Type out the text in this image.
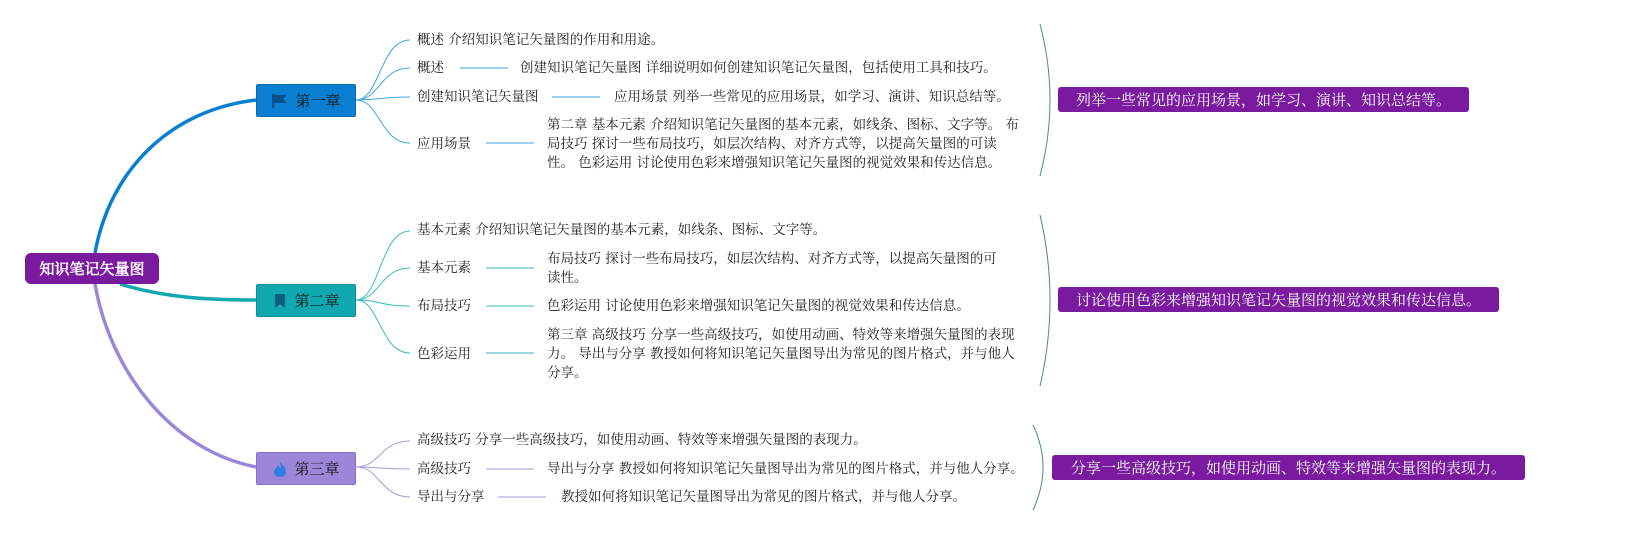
知识笔记矢量图
第一章
第二章
第三章
概述 介绍知识笔记矢量图的作用和用途。
概述
创建知识笔记矢量图
应用场景
创建知识笔记矢量图 详细说明如何创建知识笔记矢量图，包括使用工具和技巧。
应用场景 列举一些常见的应用场景，如学习、演讲、知识总结等。
第二章 基本元素 介绍知识笔记矢量图的基本元素，如线条、图标、文字等。 布局技巧 探讨一些布局技巧，如层次结构、对齐方式等，以提高矢量图的可读性。 色彩运用 讨论使用色彩来增强知识笔记矢量图的视觉效果和传达信息。
基本元素 介绍知识笔记矢量图的基本元素，如线条、图标、文字等。
基本元素
布局技巧
色彩运用
布局技巧 探讨一些布局技巧，如层次结构、对齐方式等，以提高矢量图的可读性。
色彩运用 讨论使用色彩来增强知识笔记矢量图的视觉效果和传达信息。
第三章 高级技巧 分享一些高级技巧，如使用动画、特效等来增强矢量图的表现力。 导出与分享 教授如何将知识笔记矢量图导出为常见的图片格式，并与他人分享。
高级技巧 分享一些高级技巧，如使用动画、特效等来增强矢量图的表现力。
高级技巧
导出与分享
导出与分享 教授如何将知识笔记矢量图导出为常见的图片格式，并与他人分享。
教授如何将知识笔记矢量图导出为常见的图片格式，并与他人分享。
列举一些常见的应用场景，如学习、演讲、知识总结等。
讨论使用色彩来增强知识笔记矢量图的视觉效果和传达信息。
分享一些高级技巧，如使用动画、特效等来增强矢量图的表现力。
